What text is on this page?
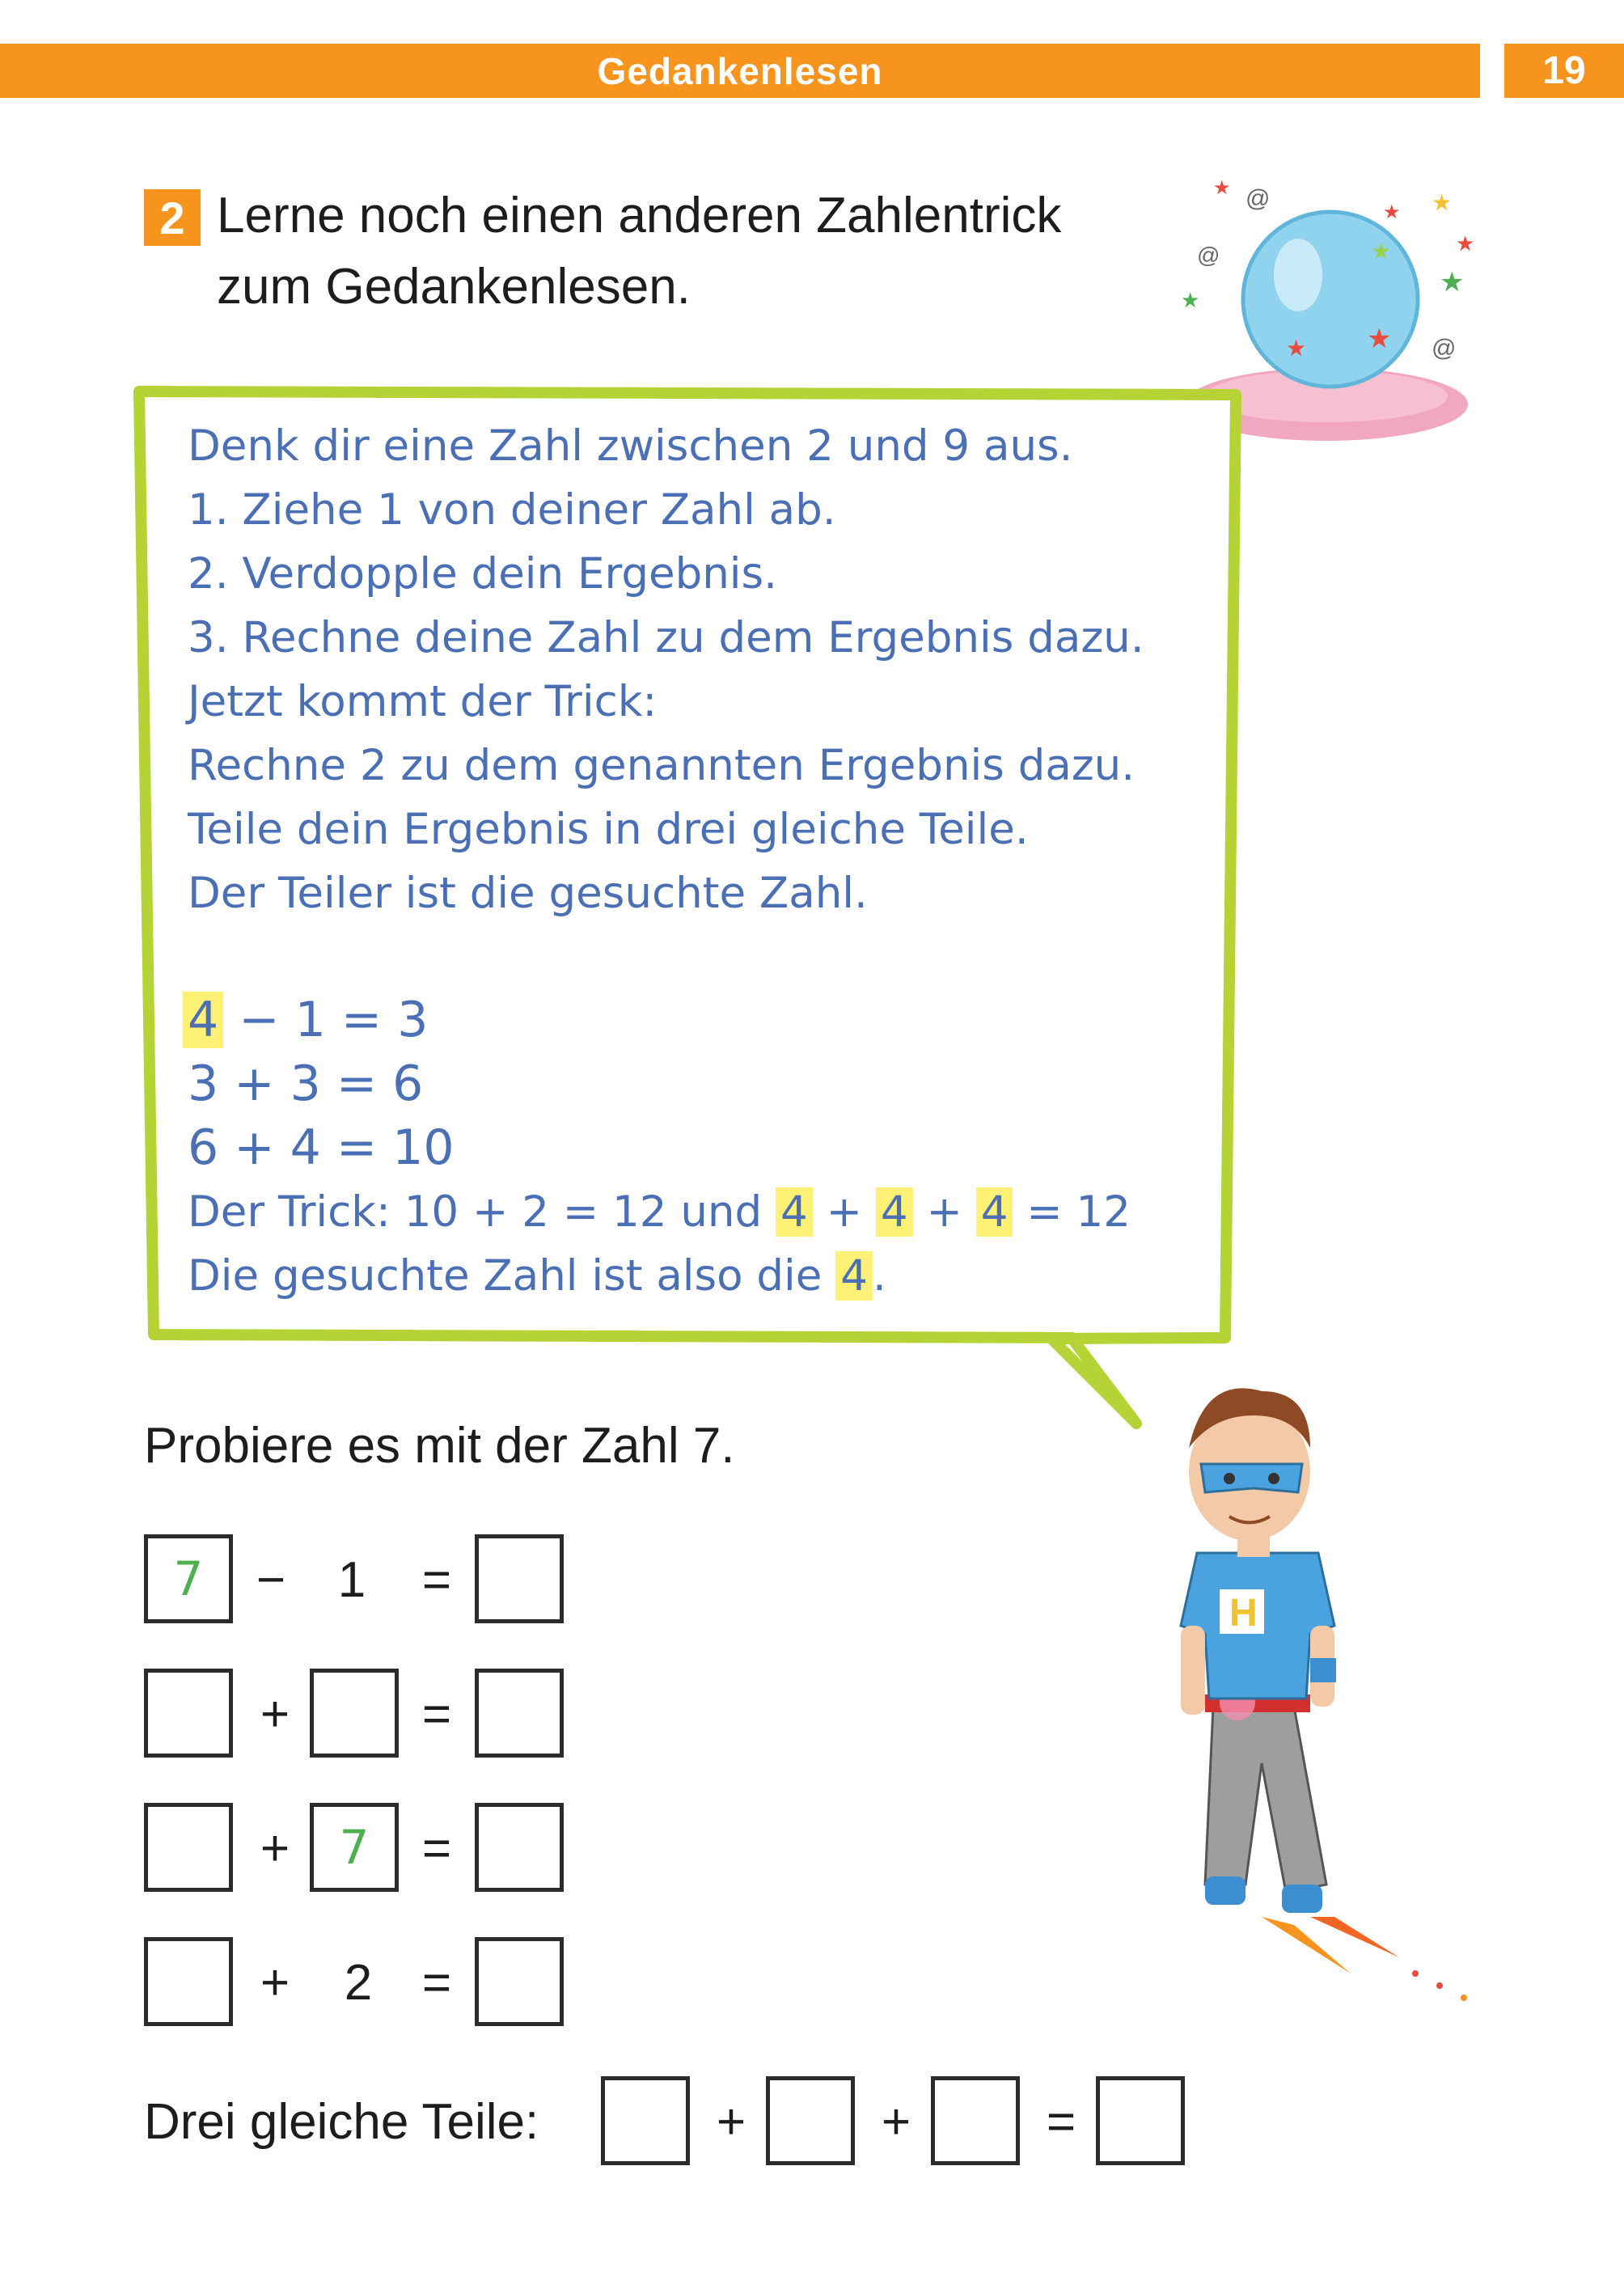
Gedankenlesen	19
2 Lerne noch einen anderen Zahlentrick
zum Gedankenlesen.
★
★
★
★
★
★
★
★
★
@
@
@
Denk dir eine Zahl zwischen 2 und 9 aus.
1. Ziehe 1 von deiner Zahl ab.
2. Verdopple dein Ergebnis.
3. Rechne deine Zahl zu dem Ergebnis dazu.
Jetzt kommt der Trick:
Rechne 2 zu dem genannten Ergebnis dazu.
Teile dein Ergebnis in drei gleiche Teile.
Der Teiler ist die gesuchte Zahl.
4 − 1 = 3
3 + 3 = 6
6 + 4 = 10
Der Trick: 10 + 2 = 12 und 4 + 4 + 4 = 12
Die gesuchte Zahl ist also die 4 .
H
Probiere es mit der Zahl 7.
7	− 1 =
+	=
+	7	=
+ 2 =
Drei gleiche Teile:	+	+	=
